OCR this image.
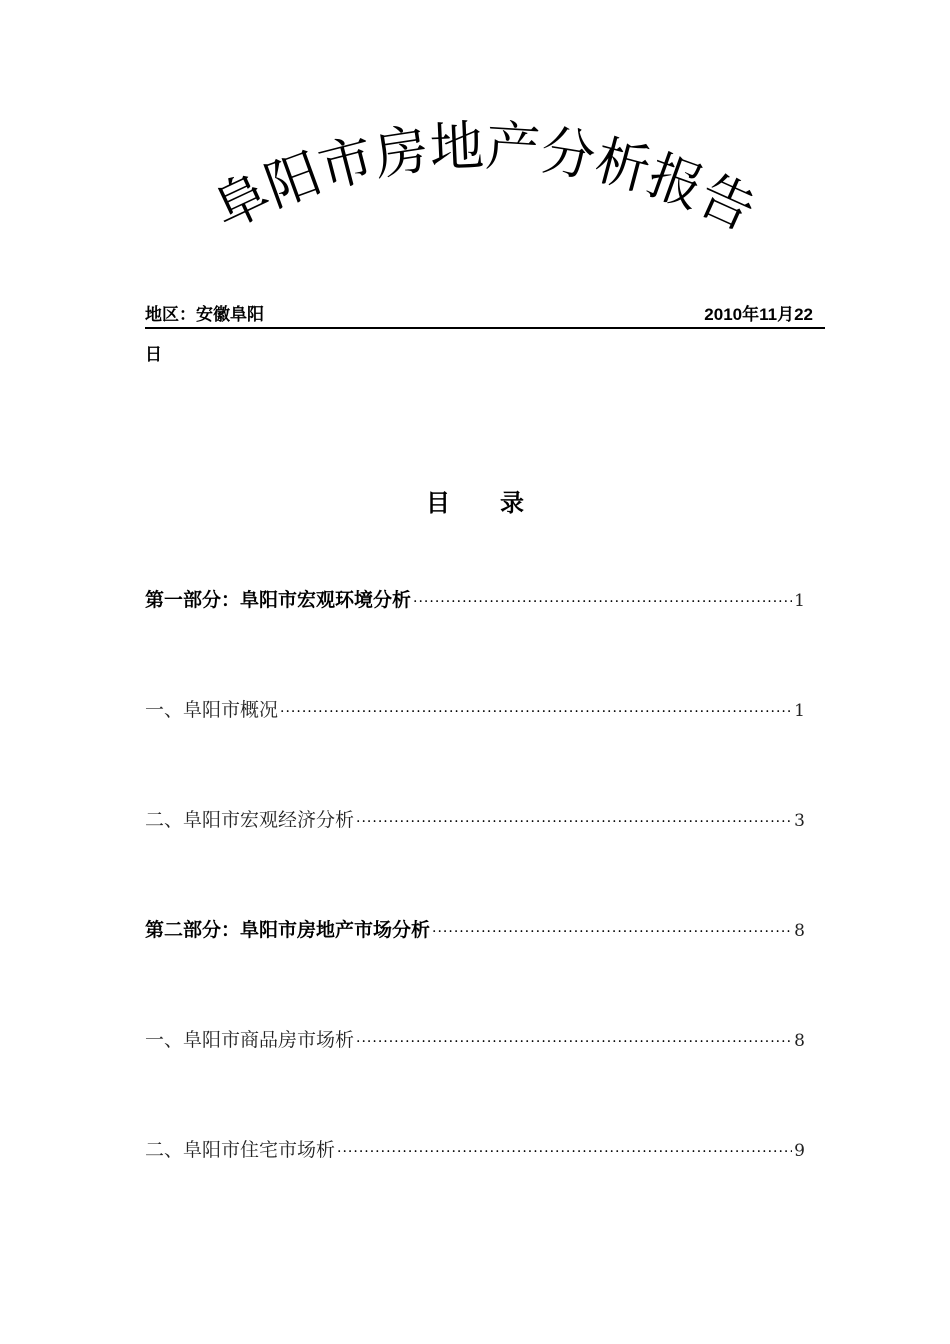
阜阳市房地产分析报告
地区：安徽阜阳	2010年11月22
日
目录
第一部分：阜阳市宏观环境分析 ·····	1
一、阜阳市概况 ·····	1
二、阜阳市宏观经济分析 ·····	3
第二部分：阜阳市房地产市场分析 ·····	8
一、阜阳市商品房市场析 ·····	8
二、阜阳市住宅市场析 ·····	9
